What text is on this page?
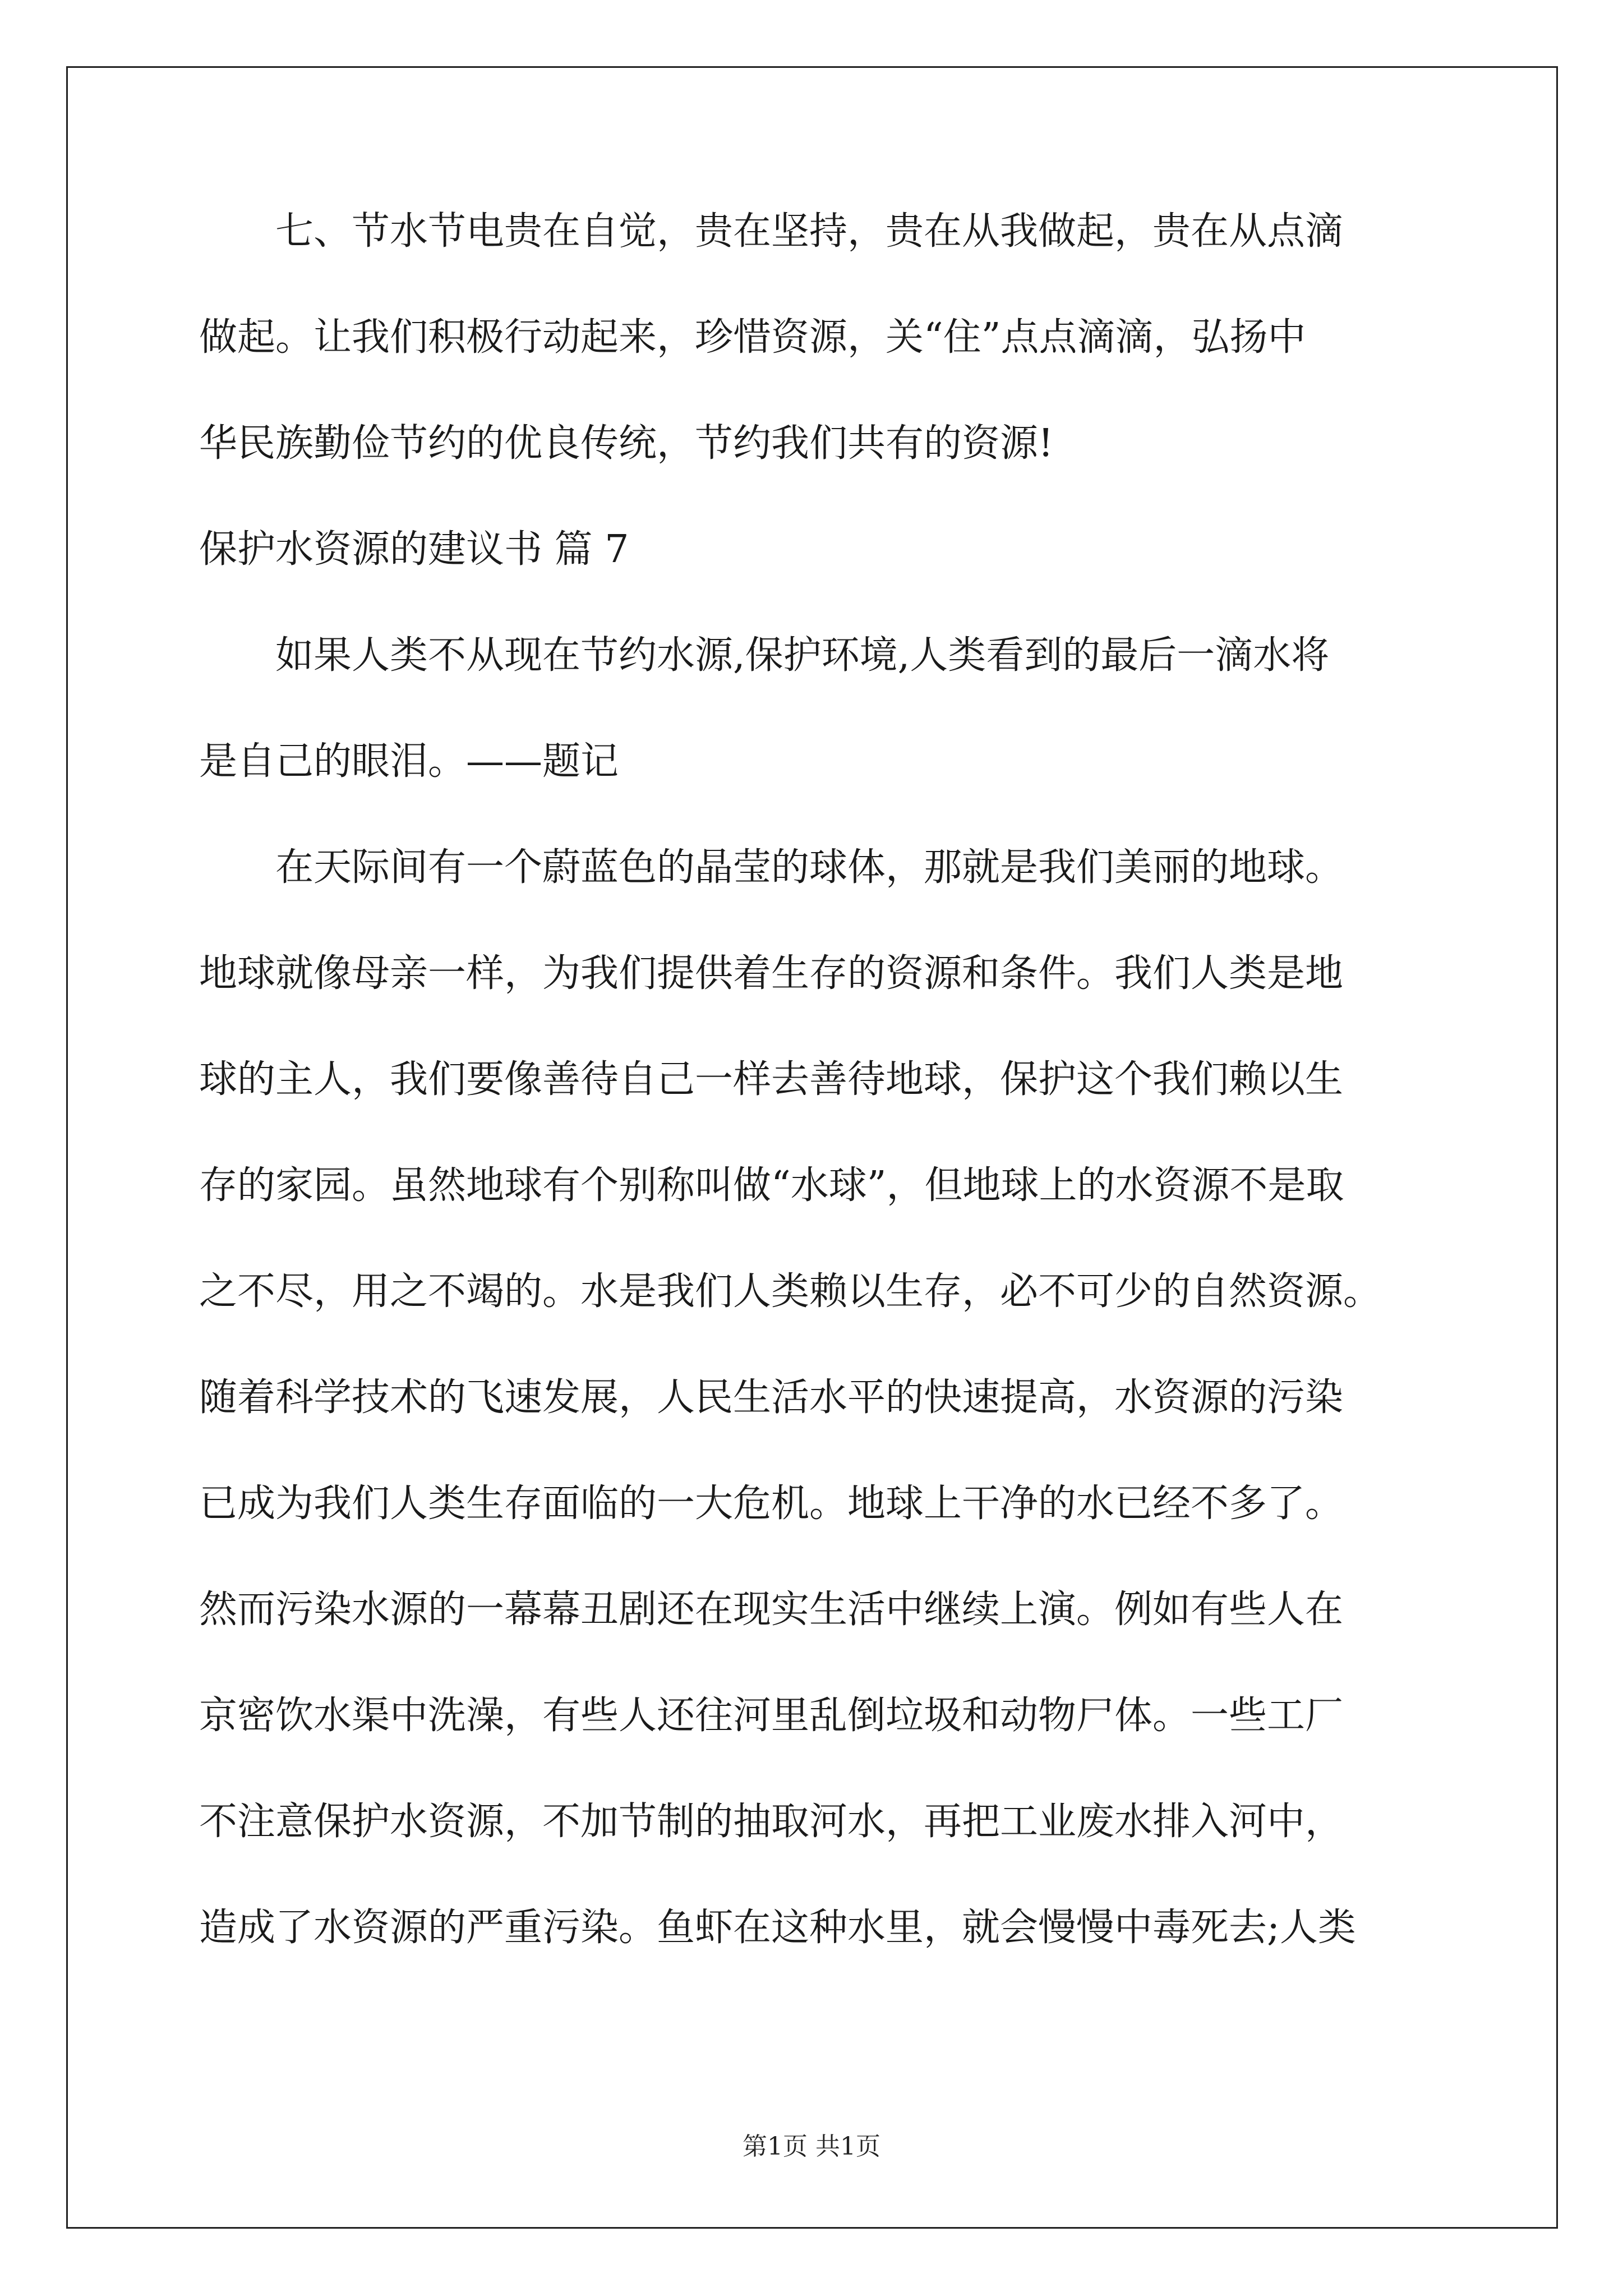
七、节水节电贵在自觉，贵在坚持，贵在从我做起，贵在从点滴
做起。让我们积极行动起来，珍惜资源，关“住”点点滴滴，弘扬中
华民族勤俭节约的优良传统，节约我们共有的资源!
保护水资源的建议书 篇 7
如果人类不从现在节约水源,保护环境,人类看到的最后一滴水将
是自己的眼泪。——题记
在天际间有一个蔚蓝色的晶莹的球体，那就是我们美丽的地球。
地球就像母亲一样，为我们提供着生存的资源和条件。我们人类是地
球的主人，我们要像善待自己一样去善待地球，保护这个我们赖以生
存的家园。虽然地球有个别称叫做“水球”，但地球上的水资源不是取
之不尽，用之不竭的。水是我们人类赖以生存，必不可少的自然资源。
随着科学技术的飞速发展，人民生活水平的快速提高，水资源的污染
已成为我们人类生存面临的一大危机。地球上干净的水已经不多了。
然而污染水源的一幕幕丑剧还在现实生活中继续上演。例如有些人在
京密饮水渠中洗澡，有些人还往河里乱倒垃圾和动物尸体。一些工厂
不注意保护水资源，不加节制的抽取河水，再把工业废水排入河中，
造成了水资源的严重污染。鱼虾在这种水里，就会慢慢中毒死去;人类
第1页 共1页
